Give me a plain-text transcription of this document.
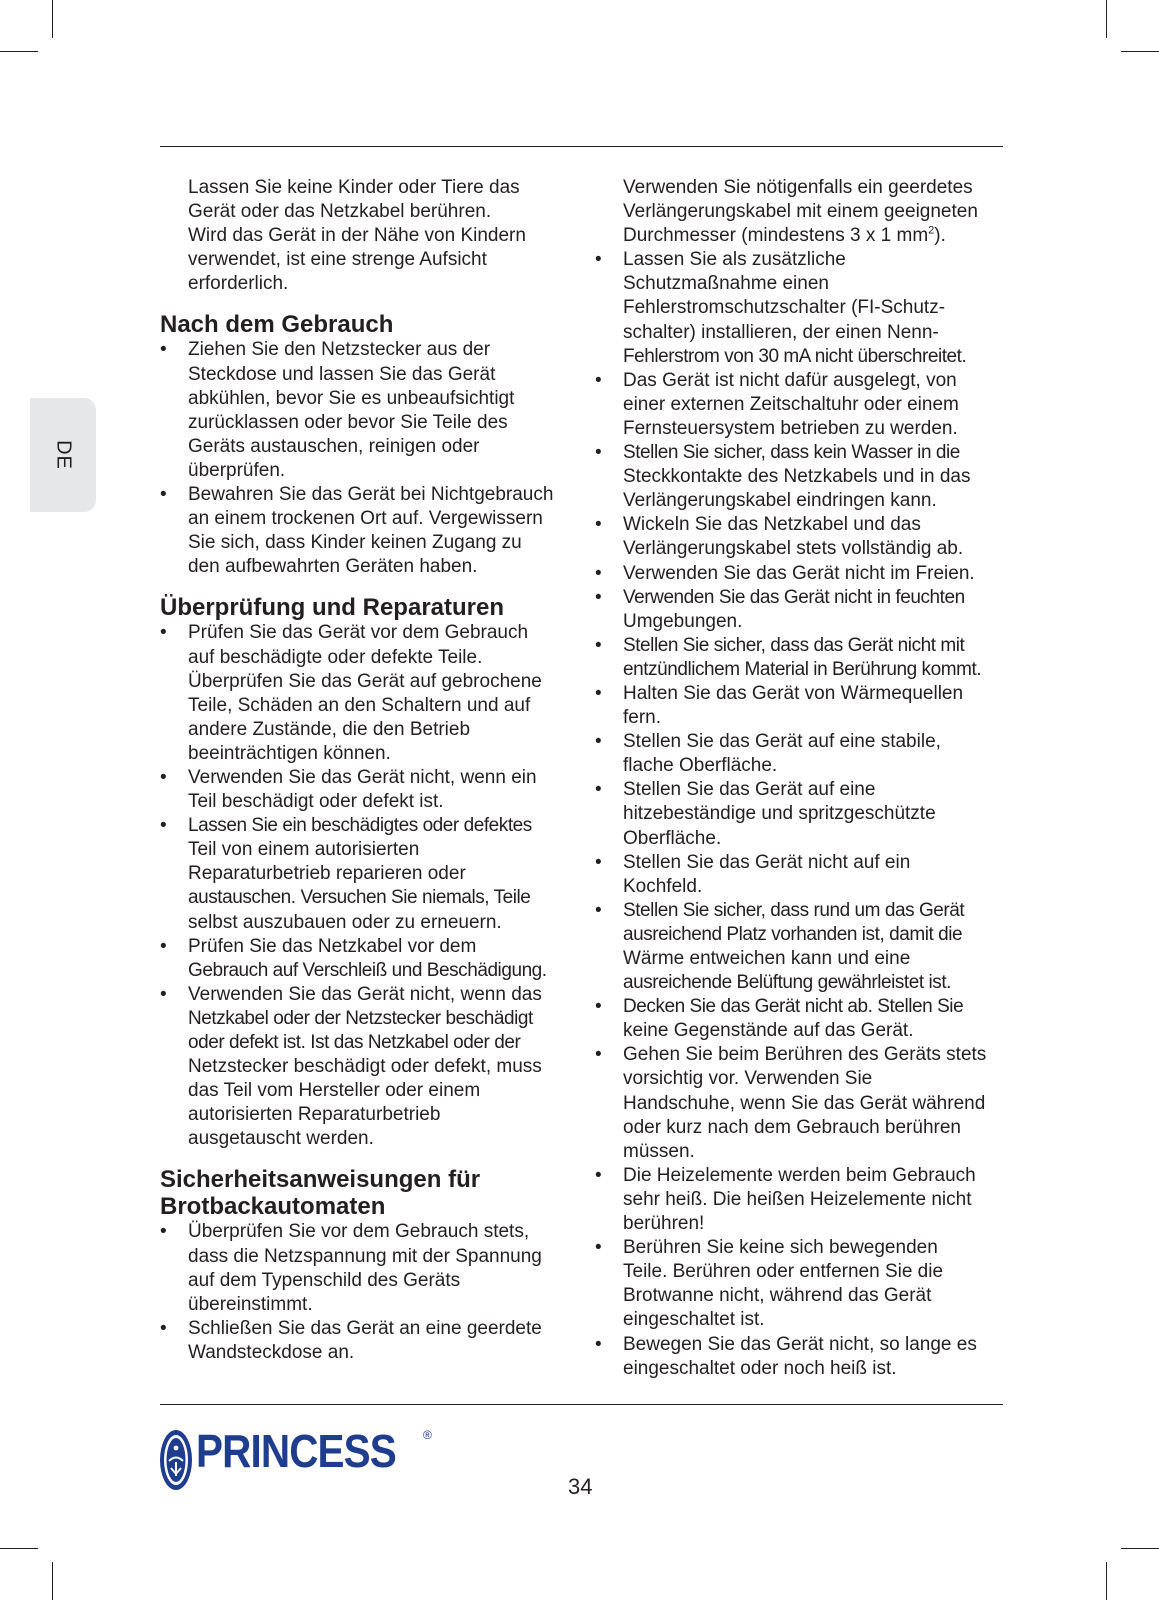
DE
Lassen Sie keine Kinder oder Tiere das
Gerät oder das Netzkabel berühren.
Wird das Gerät in der Nähe von Kindern
verwendet, ist eine strenge Aufsicht
erforderlich.
Nach dem Gebrauch
• Ziehen Sie den Netzstecker aus der
Steckdose und lassen Sie das Gerät
abkühlen, bevor Sie es unbeaufsichtigt
zurücklassen oder bevor Sie Teile des
Geräts austauschen, reinigen oder
überprüfen.
• Bewahren Sie das Gerät bei Nichtgebrauch
an einem trockenen Ort auf. Vergewissern
Sie sich, dass Kinder keinen Zugang zu
den aufbewahrten Geräten haben.
Überprüfung und Reparaturen
• Prüfen Sie das Gerät vor dem Gebrauch
auf beschädigte oder defekte Teile.
Überprüfen Sie das Gerät auf gebrochene
Teile, Schäden an den Schaltern und auf
andere Zustände, die den Betrieb
beeinträchtigen können.
• Verwenden Sie das Gerät nicht, wenn ein
Teil beschädigt oder defekt ist.
• Lassen Sie ein beschädigtes oder defektes
Teil von einem autorisierten
Reparaturbetrieb reparieren oder
austauschen. Versuchen Sie niemals, Teile
selbst auszubauen oder zu erneuern.
• Prüfen Sie das Netzkabel vor dem
Gebrauch auf Verschleiß und Beschädigung.
• Verwenden Sie das Gerät nicht, wenn das
Netzkabel oder der Netzstecker beschädigt
oder defekt ist. Ist das Netzkabel oder der
Netzstecker beschädigt oder defekt, muss
das Teil vom Hersteller oder einem
autorisierten Reparaturbetrieb
ausgetauscht werden.
Sicherheitsanweisungen für
Brotbackautomaten
• Überprüfen Sie vor dem Gebrauch stets,
dass die Netzspannung mit der Spannung
auf dem Typenschild des Geräts
übereinstimmt.
• Schließen Sie das Gerät an eine geerdete
Wandsteckdose an.
Verwenden Sie nötigenfalls ein geerdetes
Verlängerungskabel mit einem geeigneten
Durchmesser (mindestens 3 x 1 $mm^2$).
• Lassen Sie als zusätzliche
Schutzmaßnahme einen
Fehlerstromschutzschalter (FI-Schutz-
schalter) installieren, der einen Nenn-
Fehlerstrom von 30 mA nicht überschreitet.
• Das Gerät ist nicht dafür ausgelegt, von
einer externen Zeitschaltuhr oder einem
Fernsteuersystem betrieben zu werden.
• Stellen Sie sicher, dass kein Wasser in die
Steckkontakte des Netzkabels und in das
Verlängerungskabel eindringen kann.
• Wickeln Sie das Netzkabel und das
Verlängerungskabel stets vollständig ab.
• Verwenden Sie das Gerät nicht im Freien.
• Verwenden Sie das Gerät nicht in feuchten
Umgebungen.
• Stellen Sie sicher, dass das Gerät nicht mit
entzündlichem Material in Berührung kommt.
• Halten Sie das Gerät von Wärmequellen
fern.
• Stellen Sie das Gerät auf eine stabile,
flache Oberfläche.
• Stellen Sie das Gerät auf eine
hitzebeständige und spritzgeschützte
Oberfläche.
• Stellen Sie das Gerät nicht auf ein
Kochfeld.
• Stellen Sie sicher, dass rund um das Gerät
ausreichend Platz vorhanden ist, damit die
Wärme entweichen kann und eine
ausreichende Belüftung gewährleistet ist.
• Decken Sie das Gerät nicht ab. Stellen Sie
keine Gegenstände auf das Gerät.
• Gehen Sie beim Berühren des Geräts stets
vorsichtig vor. Verwenden Sie
Handschuhe, wenn Sie das Gerät während
oder kurz nach dem Gebrauch berühren
müssen.
• Die Heizelemente werden beim Gebrauch
sehr heiß. Die heißen Heizelemente nicht
berühren!
• Berühren Sie keine sich bewegenden
Teile. Berühren oder entfernen Sie die
Brotwanne nicht, während das Gerät
eingeschaltet ist.
• Bewegen Sie das Gerät nicht, so lange es
eingeschaltet oder noch heiß ist.
PRINCESS ®
34
